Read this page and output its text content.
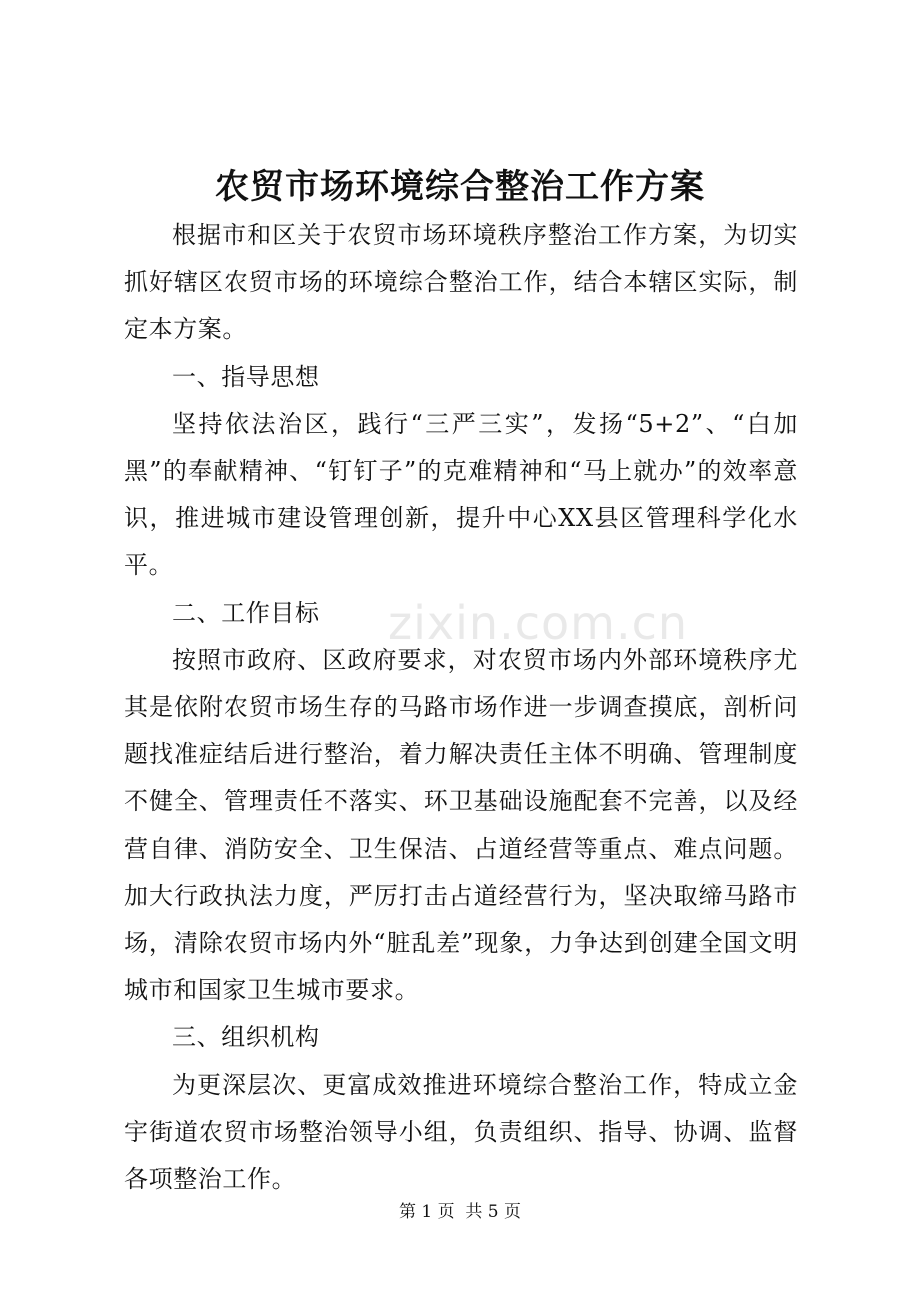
农贸市场环境综合整治工作方案

根据市和区关于农贸市场环境秩序整治工作方案，为切实抓好辖区农贸市场的环境综合整治工作，结合本辖区实际，制定本方案。

一、指导思想

坚持依法治区，践行“三严三实”，发扬“5+2”、“白加黑”的奉献精神、“钉钉子”的克难精神和“马上就办”的效率意识，推进城市建设管理创新，提升中心XX县区管理科学化水平。

二、工作目标

按照市政府、区政府要求，对农贸市场内外部环境秩序尤其是依附农贸市场生存的马路市场作进一步调查摸底，剖析问题找准症结后进行整治，着力解决责任主体不明确、管理制度不健全、管理责任不落实、环卫基础设施配套不完善，以及经营自律、消防安全、卫生保洁、占道经营等重点、难点问题。加大行政执法力度，严厉打击占道经营行为，坚决取缔马路市场，清除农贸市场内外“脏乱差”现象，力争达到创建全国文明城市和国家卫生城市要求。

三、组织机构

为更深层次、更富成效推进环境综合整治工作，特成立金宇街道农贸市场整治领导小组，负责组织、指导、协调、监督各项整治工作。

zixin.com.cn
第 1 页  共 5 页
